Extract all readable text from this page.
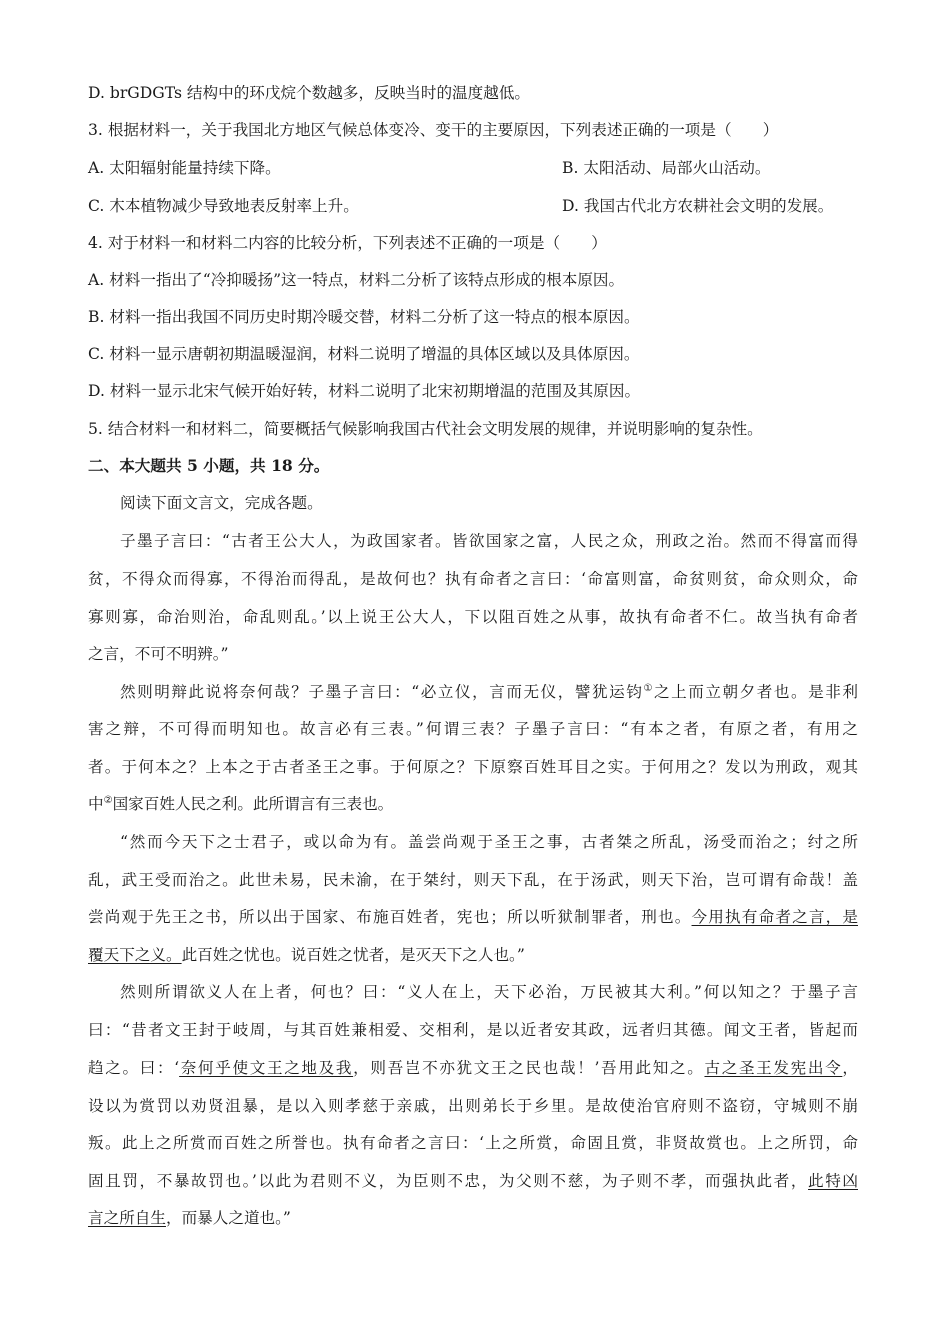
D. brGDGTs 结构中的环戊烷个数越多，反映当时的温度越低。
3. 根据材料一，关于我国北方地区气候总体变冷、变干的主要原因，下列表述正确的一项是（　　）
A. 太阳辐射能量持续下降。	B. 太阳活动、局部火山活动。
C. 木本植物减少导致地表反射率上升。	D. 我国古代北方农耕社会文明的发展。
4. 对于材料一和材料二内容的比较分析，下列表述不正确的一项是（　　）
A. 材料一指出了“冷抑暖扬”这一特点，材料二分析了该特点形成的根本原因。
B. 材料一指出我国不同历史时期冷暖交替，材料二分析了这一特点的根本原因。
C. 材料一显示唐朝初期温暖湿润，材料二说明了增温的具体区域以及具体原因。
D. 材料一显示北宋气候开始好转，材料二说明了北宋初期增温的范围及其原因。
5. 结合材料一和材料二，简要概括气候影响我国古代社会文明发展的规律，并说明影响的复杂性。
二、本大题共 5 小题，共 18 分。
阅读下面文言文，完成各题。
子墨子言曰：“古者王公大人，为政国家者。皆欲国家之富，人民之众，刑政之治。然而不得富而得
贫，不得众而得寡，不得治而得乱，是故何也？执有命者之言曰：‘命富则富，命贫则贫，命众则众，命
寡则寡，命治则治，命乱则乱。’以上说王公大人，下以阻百姓之从事，故执有命者不仁。故当执有命者
之言，不可不明辨。”
然则明辩此说将奈何哉？子墨子言曰：“必立仪，言而无仪，譬犹运钧①之上而立朝夕者也。是非利
害之辩，不可得而明知也。故言必有三表。”何谓三表？子墨子言曰：“有本之者，有原之者，有用之
者。于何本之？上本之于古者圣王之事。于何原之？下原察百姓耳目之实。于何用之？发以为刑政，观其
中②国家百姓人民之利。此所谓言有三表也。
“然而今天下之士君子，或以命为有。盖尝尚观于圣王之事，古者桀之所乱，汤受而治之；纣之所
乱，武王受而治之。此世未易，民未渝，在于桀纣，则天下乱，在于汤武，则天下治，岂可谓有命哉！盖
尝尚观于先王之书，所以出于国家、布施百姓者，宪也；所以听狱制罪者，刑也。今用执有命者之言，是
覆天下之义。此百姓之忧也。说百姓之忧者，是灭天下之人也。”
然则所谓欲义人在上者，何也？曰：“义人在上，天下必治，万民被其大利。”何以知之？于墨子言
曰：“昔者文王封于岐周，与其百姓兼相爱、交相利，是以近者安其政，远者归其德。闻文王者，皆起而
趋之。曰：‘奈何乎使文王之地及我，则吾岂不亦犹文王之民也哉！’吾用此知之。古之圣王发宪出令，
设以为赏罚以劝贤沮暴，是以入则孝慈于亲戚，出则弟长于乡里。是故使治官府则不盗窃，守城则不崩
叛。此上之所赏而百姓之所誉也。执有命者之言曰：‘上之所赏，命固且赏，非贤故赏也。上之所罚，命
固且罚，不暴故罚也。’以此为君则不义，为臣则不忠，为父则不慈，为子则不孝，而强执此者，此特凶
言之所自生，而暴人之道也。”
